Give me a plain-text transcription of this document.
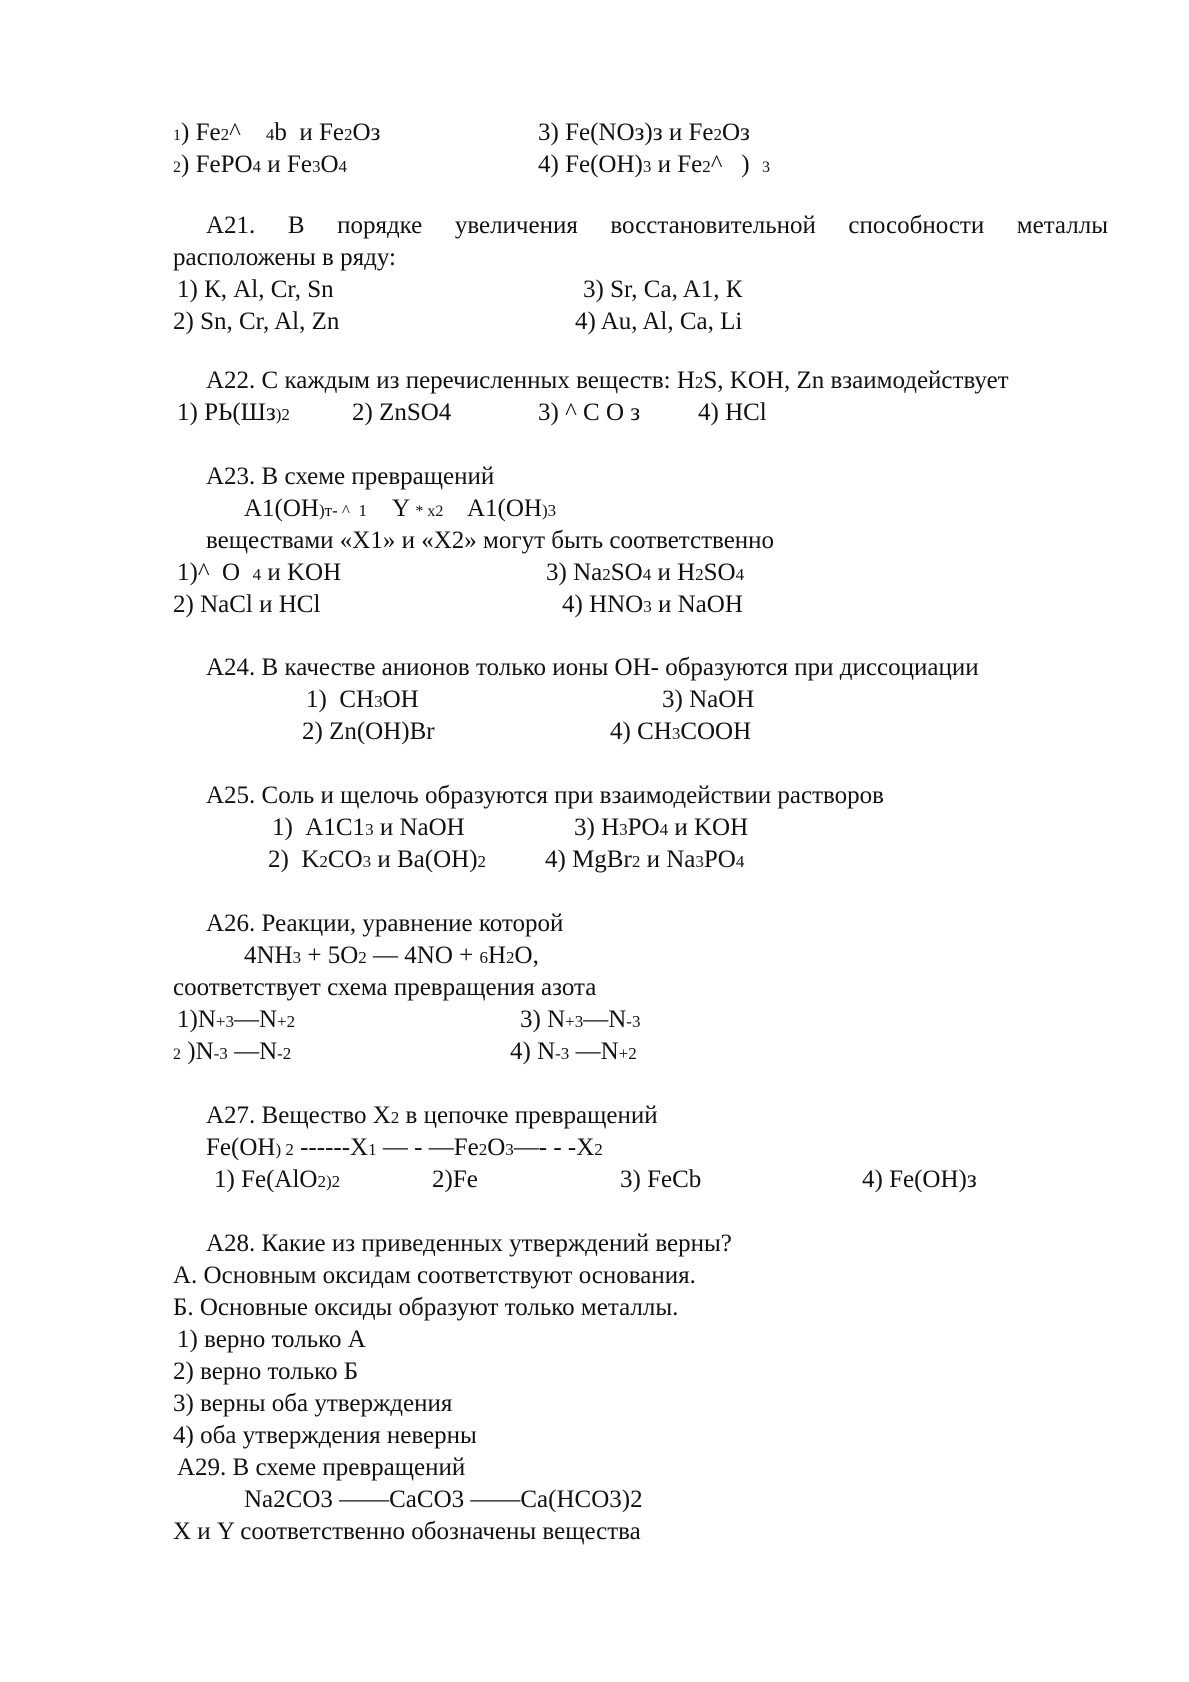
1) Fe2^    4b  и Fe2Oз	3) Fe(NOз)з и Fe2Oз
2) FePO4 и Fe3O4	4) Fe(OH)3 и Fe2^   )  3
А21. В порядке увеличения восстановительной способности металлы
расположены в ряду:
1) К, Al, Cr, Sn	3) Sr, Ca, A1, К
2) Sn, Cr, Al, Zn	4) Au, Al, Ca, Li
А22. С каждым из перечисленных веществ: H2S, KOH, Zn взаимодействует
1) РЬ(Шз)2 2) ZnSO4	3) ^ С О з 4) HCl
А23. В схеме превращений
A1(OH)т- ^  1    Y * x2    A1(OH)3
веществами «X1» и «X2» могут быть соответственно
1)^  O  4 и KOH	3) Na2SO4 и H2SO4
2) NaCl и HCl	4) HNO3 и NaOH
А24. В качестве анионов только ионы OH- образуются при диссоциации
1)  CH3OH	3) NaOH
2) Zn(OH)Br	4) CH3COOH
А25. Соль и щелочь образуются при взаимодействии растворов
1)  A1C13 и NaOH	3) H3PO4 и KOH
2)  K2CO3 и Ba(OH)2 4) MgBr2 и Na3PO4
А26. Реакции, уравнение которой
4NH3 + 5O2 — 4NO + 6H2O,
соответствует схема превращения азота
1)N+3—N+2	3) N+3—N-3
2 )N-3 —N-2	4) N-3 —N+2
А27. Вещество X2 в цепочке превращений
Fe(OH) 2 ------X1 — - —Fe2O3—- - -X2
1) Fe(AlO2)2	2)Fe	3) FeCb	4) Fe(OH)з
А28. Какие из приведенных утверждений верны?
А. Основным оксидам соответствуют основания.
Б. Основные оксиды образуют только металлы.
1) верно только А
2) верно только Б
3) верны оба утверждения
4) оба утверждения неверны
А29. В схеме превращений
Na2CO3 ——CaCO3 ——Ca(HCO3)2
X и Y соответственно обозначены вещества
